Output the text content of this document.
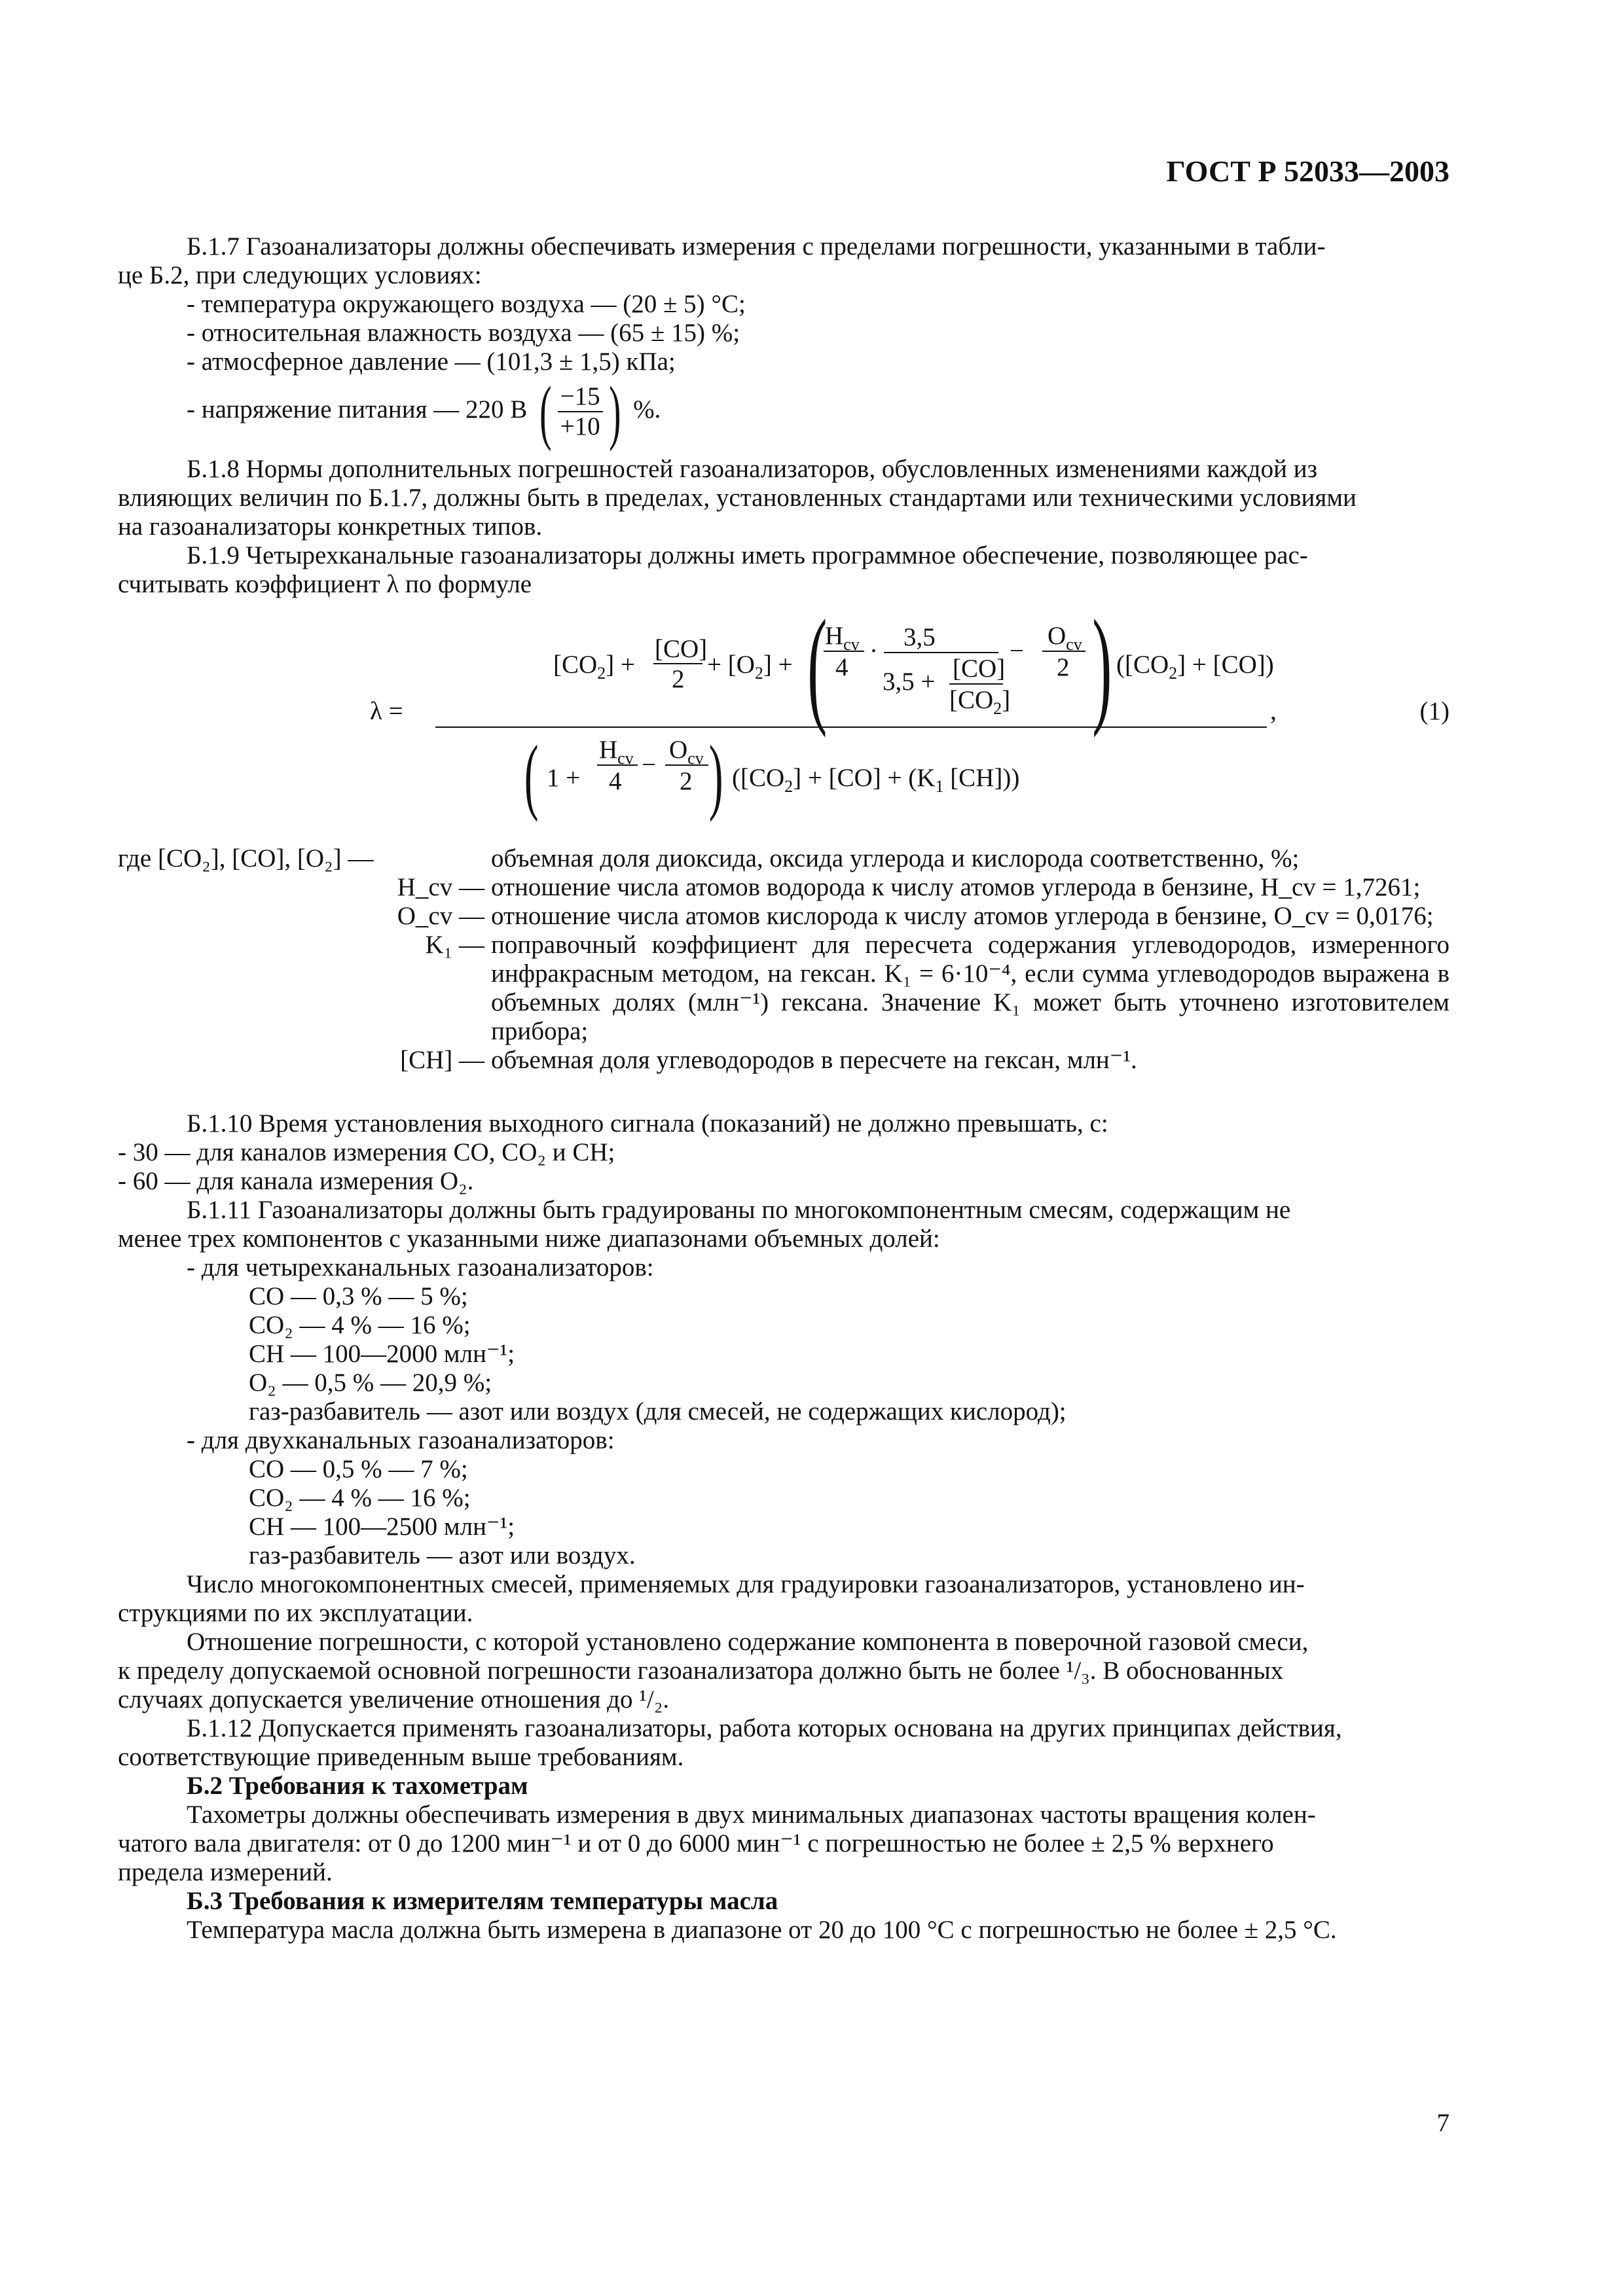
ГОСТ Р 52033—2003

Б.1.7 Газоанализаторы должны обеспечивать измерения с пределами погрешности, указанными в табли-

це Б.2, при следующих условиях:

- температура окружающего воздуха — (20 ± 5) °С;

- относительная влажность воздуха — (65 ± 15) %;

- атмосферное давление — (101,3 ± 1,5) кПа;

- напряжение питания — 220 В ( −15
+10 ) %.

Б.1.8 Нормы дополнительных погрешностей газоанализаторов, обусловленных изменениями каждой из

влияющих величин по Б.1.7, должны быть в пределах, установленных стандартами или техническими условиями

на газоанализаторы конкретных типов.

Б.1.9 Четырехканальные газоанализаторы должны иметь программное обеспечение, позволяющее рас-

считывать коэффициент λ по формуле

λ =	,	(1)
$[CO_2]$ +
[CO]
2
+ $[O_2]$ + (
$H_{cv}$
4
· 3,5
3,5 + [CO]
$[CO_2]$
−
$O_{cv}$
2 ) $([CO_2] + [CO])$
( 1 +
$H_{cv}$
4
−
$O_{cv}$
2 ) ($[CO_2] + [CO] + (K_1$ [CH]))
где [CO₂], [CO], [O₂] —	объемная доля диоксида, оксида углерода и кислорода соответственно, %;
H_cv — отношение числа атомов водорода к числу атомов углерода в бензине, H_cv = 1,7261;
O_cv — отношение числа атомов кислорода к числу атомов углерода в бензине, O_cv = 0,0176;
K₁ — поправочный коэффициент для пересчета содержания углеводородов, измеренного инфракрасным методом, на гексан. K₁ = 6·10⁻⁴, если сумма углеводородов выражена в объемных долях (млн⁻¹) гексана. Значение K₁ может быть уточнено изготовителем прибора;
[CH] — объемная доля углеводородов в пересчете на гексан, млн⁻¹.

Б.1.10 Время установления выходного сигнала (показаний) не должно превышать, с:

- 30 — для каналов измерения СО, СО₂ и СН;

- 60 — для канала измерения О₂.

Б.1.11 Газоанализаторы должны быть градуированы по многокомпонентным смесям, содержащим не

менее трех компонентов с указанными ниже диапазонами объемных долей:

- для четырехканальных газоанализаторов:

СО — 0,3 % — 5 %;

СО₂ — 4 % — 16 %;

СН — 100—2000 млн⁻¹;

О₂ — 0,5 % — 20,9 %;

газ-разбавитель — азот или воздух (для смесей, не содержащих кислород);

- для двухканальных газоанализаторов:

СО — 0,5 % — 7 %;

СО₂ — 4 % — 16 %;

СН — 100—2500 млн⁻¹;

газ-разбавитель — азот или воздух.

Число многокомпонентных смесей, применяемых для градуировки газоанализаторов, установлено ин-

струкциями по их эксплуатации.

Отношение погрешности, с которой установлено содержание компонента в поверочной газовой смеси,

к пределу допускаемой основной погрешности газоанализатора должно быть не более ¹/₃. В обоснованных

случаях допускается увеличение отношения до ¹/₂.

Б.1.12 Допускается применять газоанализаторы, работа которых основана на других принципах действия,

соответствующие приведенным выше требованиям.

Б.2 Требования к тахометрам

Тахометры должны обеспечивать измерения в двух минимальных диапазонах частоты вращения колен-

чатого вала двигателя: от 0 до 1200 мин⁻¹ и от 0 до 6000 мин⁻¹ с погрешностью не более ± 2,5 % верхнего

предела измерений.

Б.3 Требования к измерителям температуры масла

Температура масла должна быть измерена в диапазоне от 20 до 100 °С с погрешностью не более ± 2,5 °С.

7
